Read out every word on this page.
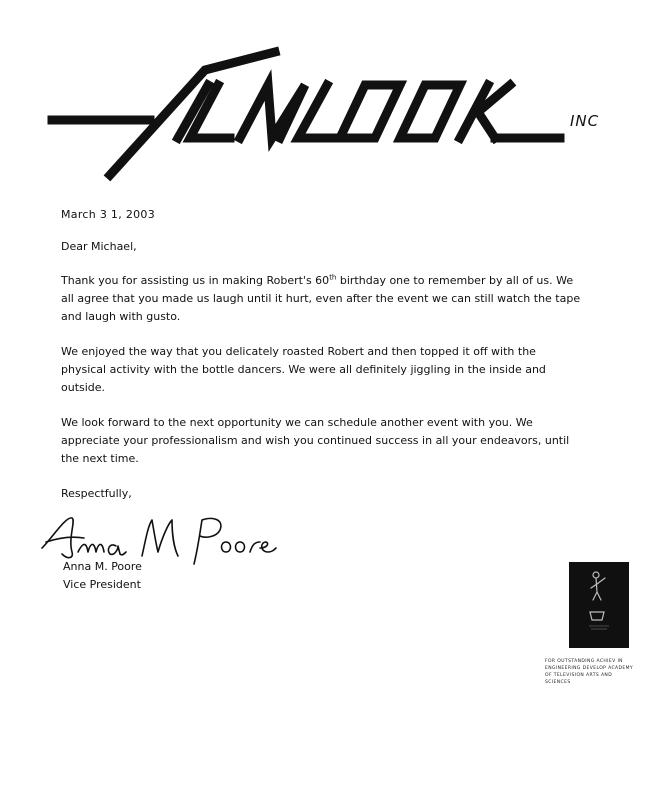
INC

March 3 1, 2003

Dear Michael,

Thank you for assisting us in making Robert's 60th birthday one to remember by all of us. We all agree that you made us laugh until it hurt, even after the event we can still watch the tape and laugh with gusto.

We enjoyed the way that you delicately roasted Robert and then topped it off with the physical activity with the bottle dancers. We were all definitely jiggling in the inside and outside.

We look forward to the next opportunity we can schedule another event with you. We appreciate your professionalism and wish you continued success in all your endeavors, until the next time.

Respectfully,

Anna M. Poore
Vice President
FOR OUTSTANDING ACHIEV IN ENGINEERING DEVELOP ACADEMY OF TELEVISION ARTS AND SCIENCES
